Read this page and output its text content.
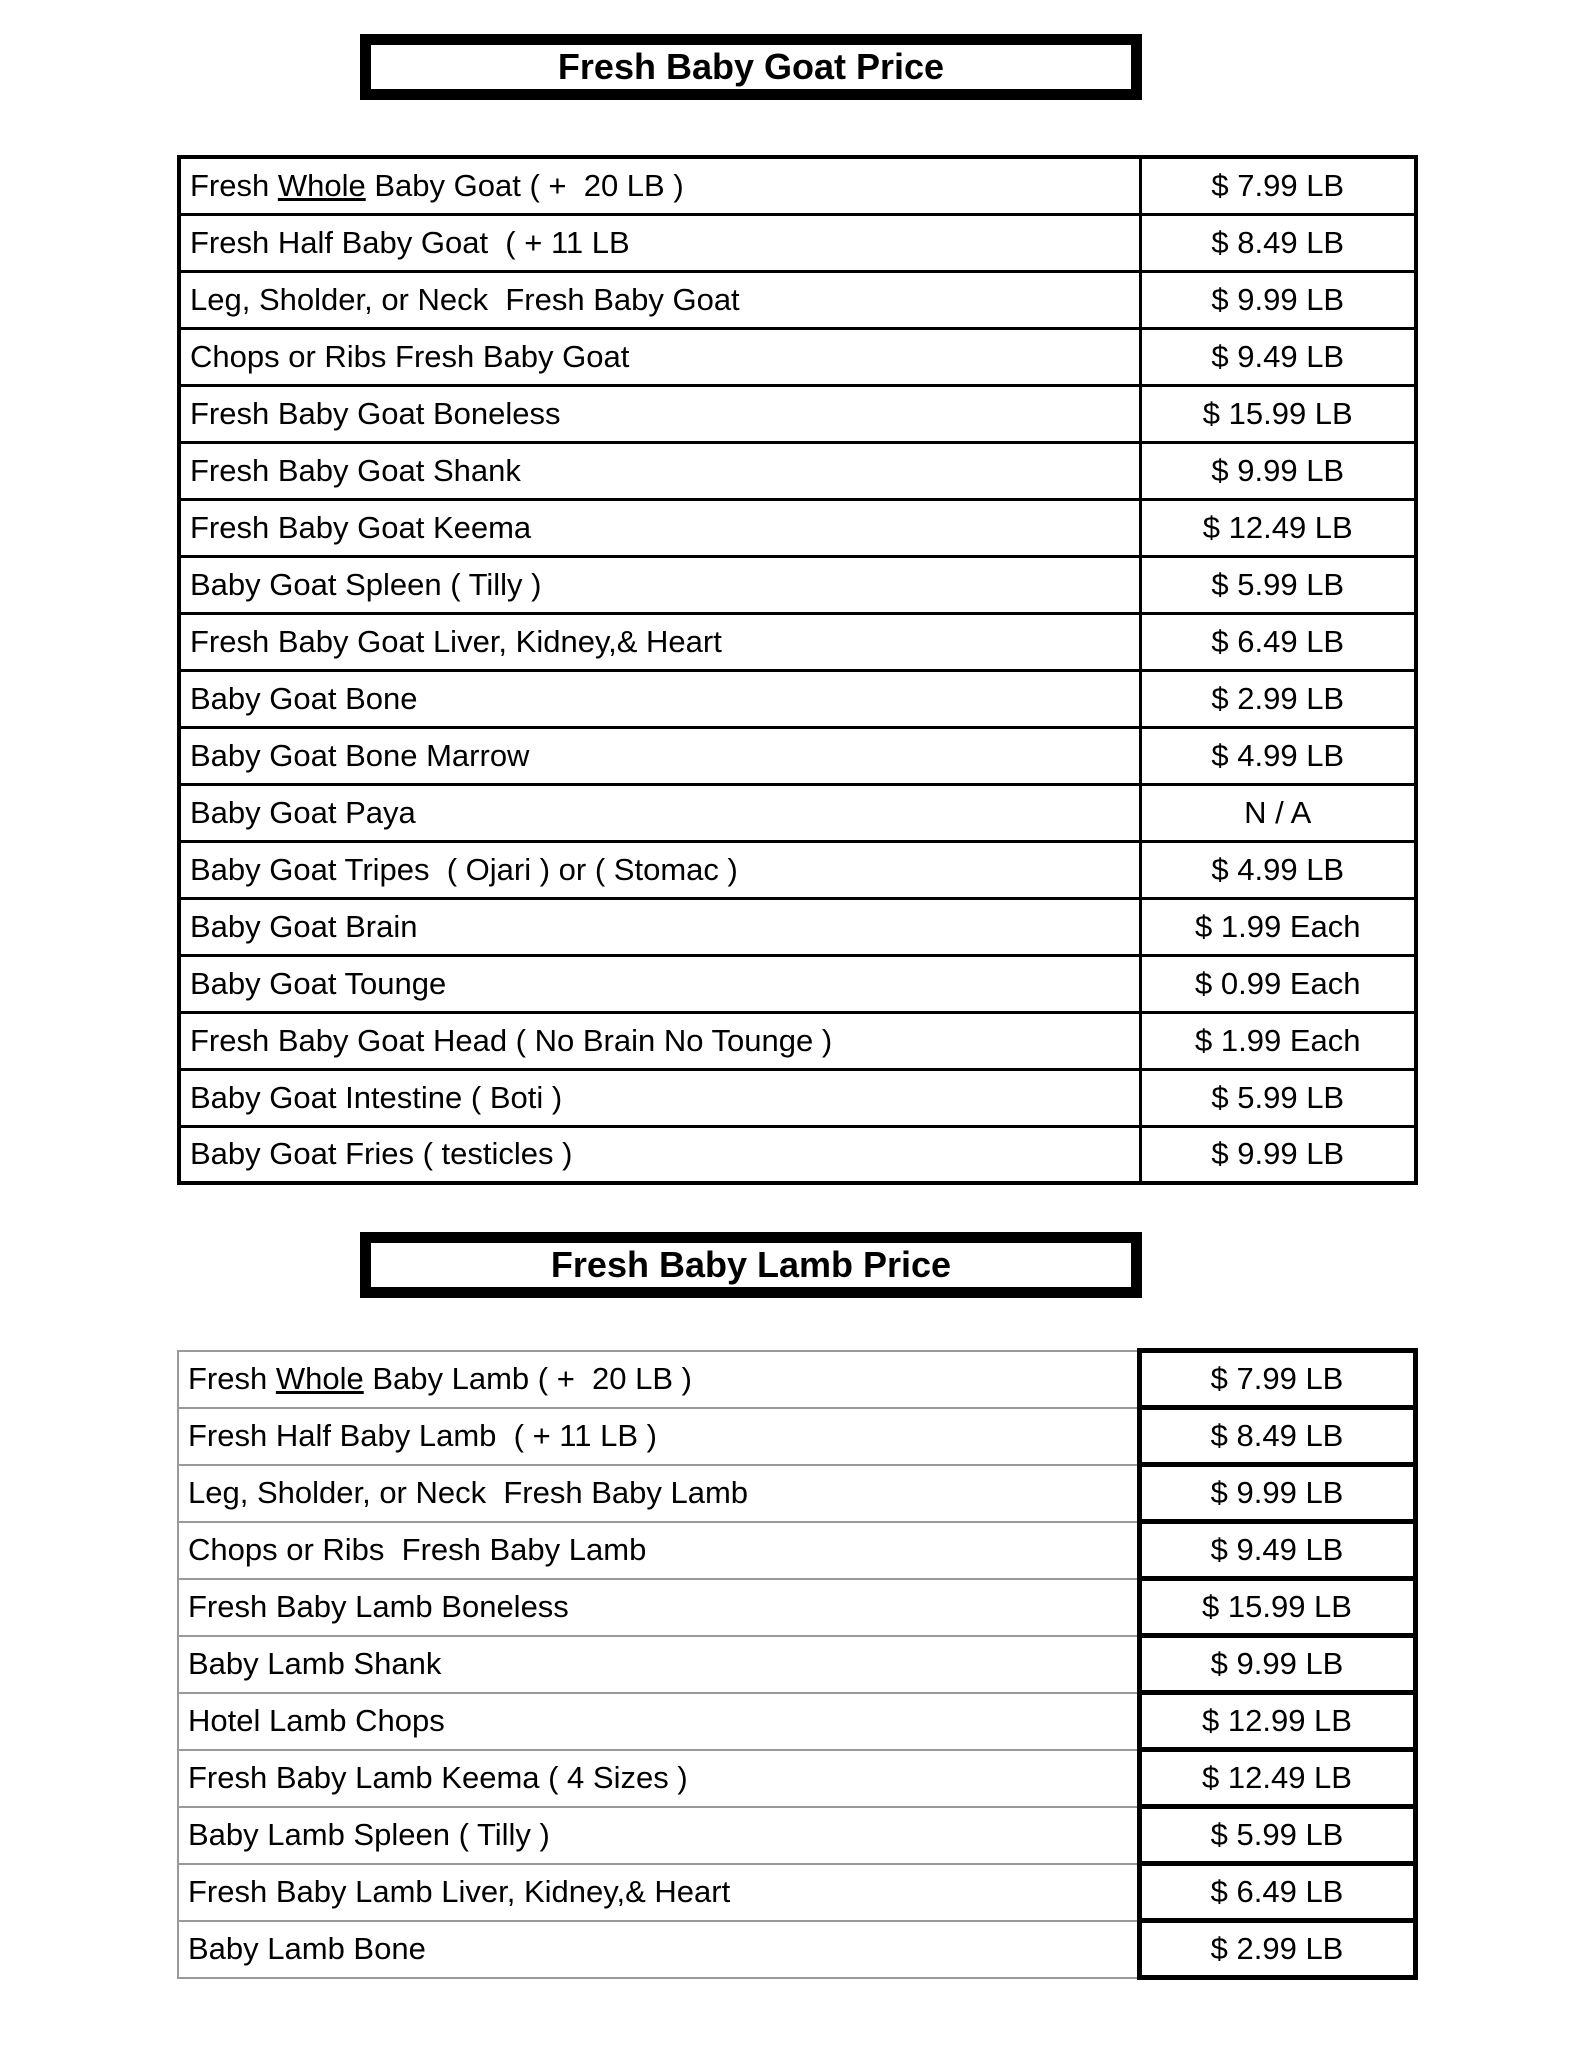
Fresh Baby Goat Price
Fresh Whole Baby Goat ( +  20 LB )	$ 7.99 LB
Fresh Half Baby Goat  ( + 11 LB	$ 8.49 LB
Leg, Sholder, or Neck  Fresh Baby Goat	$ 9.99 LB
Chops or Ribs Fresh Baby Goat	$ 9.49 LB
Fresh Baby Goat Boneless	$ 15.99 LB
Fresh Baby Goat Shank	$ 9.99 LB
Fresh Baby Goat Keema	$ 12.49 LB
Baby Goat Spleen ( Tilly )	$ 5.99 LB
Fresh Baby Goat Liver, Kidney,& Heart	$ 6.49 LB
Baby Goat Bone	$ 2.99 LB
Baby Goat Bone Marrow	$ 4.99 LB
Baby Goat Paya	N / A
Baby Goat Tripes  ( Ojari ) or ( Stomac )	$ 4.99 LB
Baby Goat Brain	$ 1.99 Each
Baby Goat Tounge	$ 0.99 Each
Fresh Baby Goat Head ( No Brain No Tounge )	$ 1.99 Each
Baby Goat Intestine ( Boti )	$ 5.99 LB
Baby Goat Fries ( testicles )	$ 9.99 LB
Fresh Baby Lamb Price
Fresh Whole Baby Lamb ( +  20 LB )	$ 7.99 LB
Fresh Half Baby Lamb  ( + 11 LB )	$ 8.49 LB
Leg, Sholder, or Neck  Fresh Baby Lamb	$ 9.99 LB
Chops or Ribs  Fresh Baby Lamb	$ 9.49 LB
Fresh Baby Lamb Boneless	$ 15.99 LB
Baby Lamb Shank	$ 9.99 LB
Hotel Lamb Chops	$ 12.99 LB
Fresh Baby Lamb Keema ( 4 Sizes )	$ 12.49 LB
Baby Lamb Spleen ( Tilly )	$ 5.99 LB
Fresh Baby Lamb Liver, Kidney,& Heart	$ 6.49 LB
Baby Lamb Bone	$ 2.99 LB
